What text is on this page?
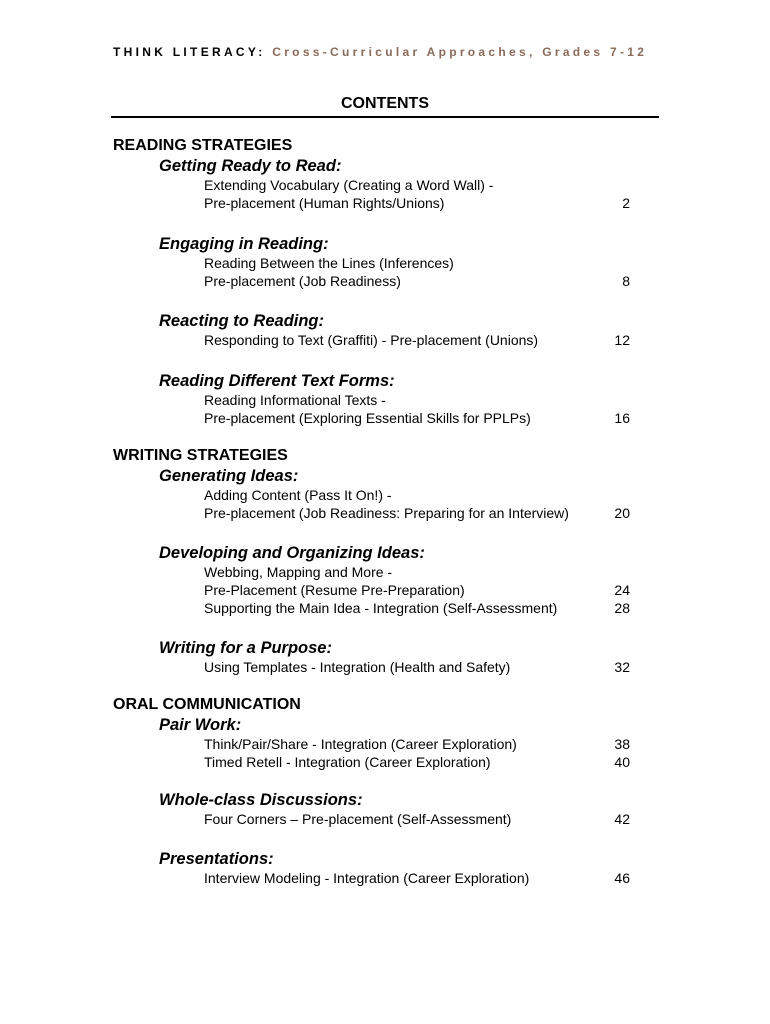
THINK LITERACY: Cross-Curricular Approaches, Grades 7-12
CONTENTS
READING STRATEGIES
Getting Ready to Read:
Extending Vocabulary (Creating a Word Wall) -
Pre-placement (Human Rights/Unions)	2
Engaging in Reading:
Reading Between the Lines (Inferences)
Pre-placement (Job Readiness)	8
Reacting to Reading:
Responding to Text (Graffiti) - Pre-placement (Unions)	12
Reading Different Text Forms:
Reading Informational Texts -
Pre-placement (Exploring Essential Skills for PPLPs)	16
WRITING STRATEGIES
Generating Ideas:
Adding Content (Pass It On!) -
Pre-placement (Job Readiness: Preparing for an Interview)	20
Developing and Organizing Ideas:
Webbing, Mapping and More -
Pre-Placement (Resume Pre-Preparation)	24
Supporting the Main Idea - Integration (Self-Assessment)	28
Writing for a Purpose:
Using Templates - Integration (Health and Safety)	32
ORAL COMMUNICATION
Pair Work:
Think/Pair/Share - Integration (Career Exploration)	38
Timed Retell - Integration (Career Exploration)	40
Whole-class Discussions:
Four Corners – Pre-placement (Self-Assessment)	42
Presentations:
Interview Modeling - Integration (Career Exploration)	46
